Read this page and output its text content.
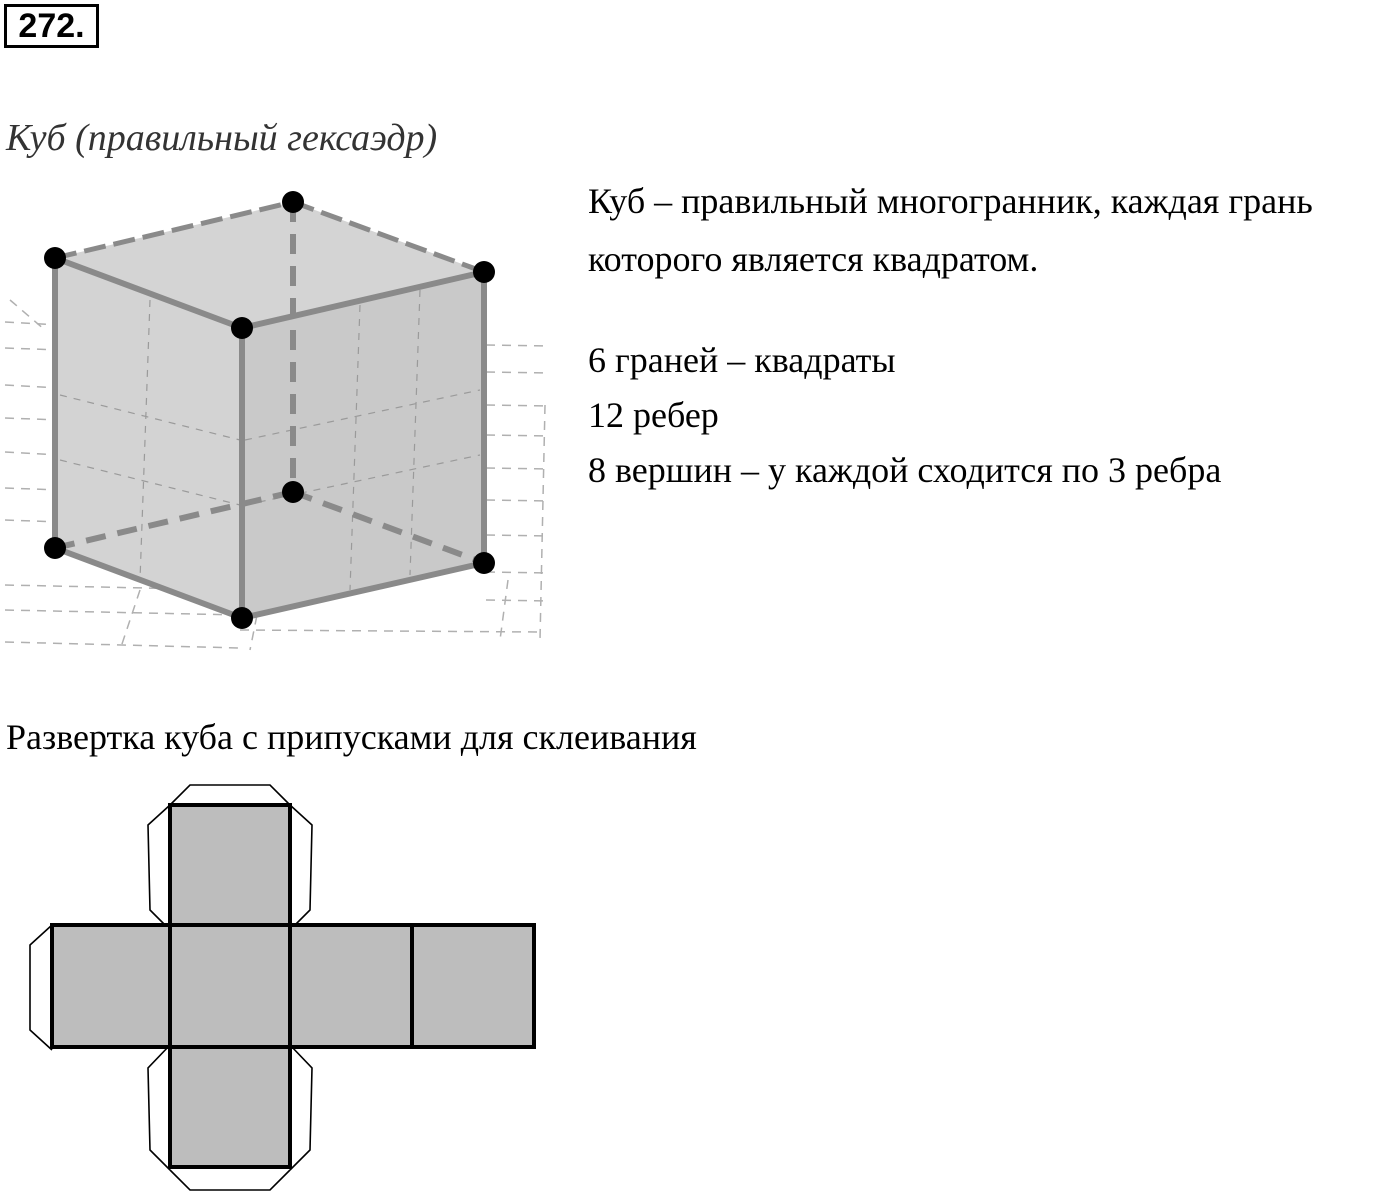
272.
Куб (правильный гексаэдр)
Куб – правильный многогранник, каждая грань которого является квадратом.
6 граней – квадраты
12 ребер
8 вершин – у каждой сходится по 3 ребра
Развертка куба с припусками для склеивания
